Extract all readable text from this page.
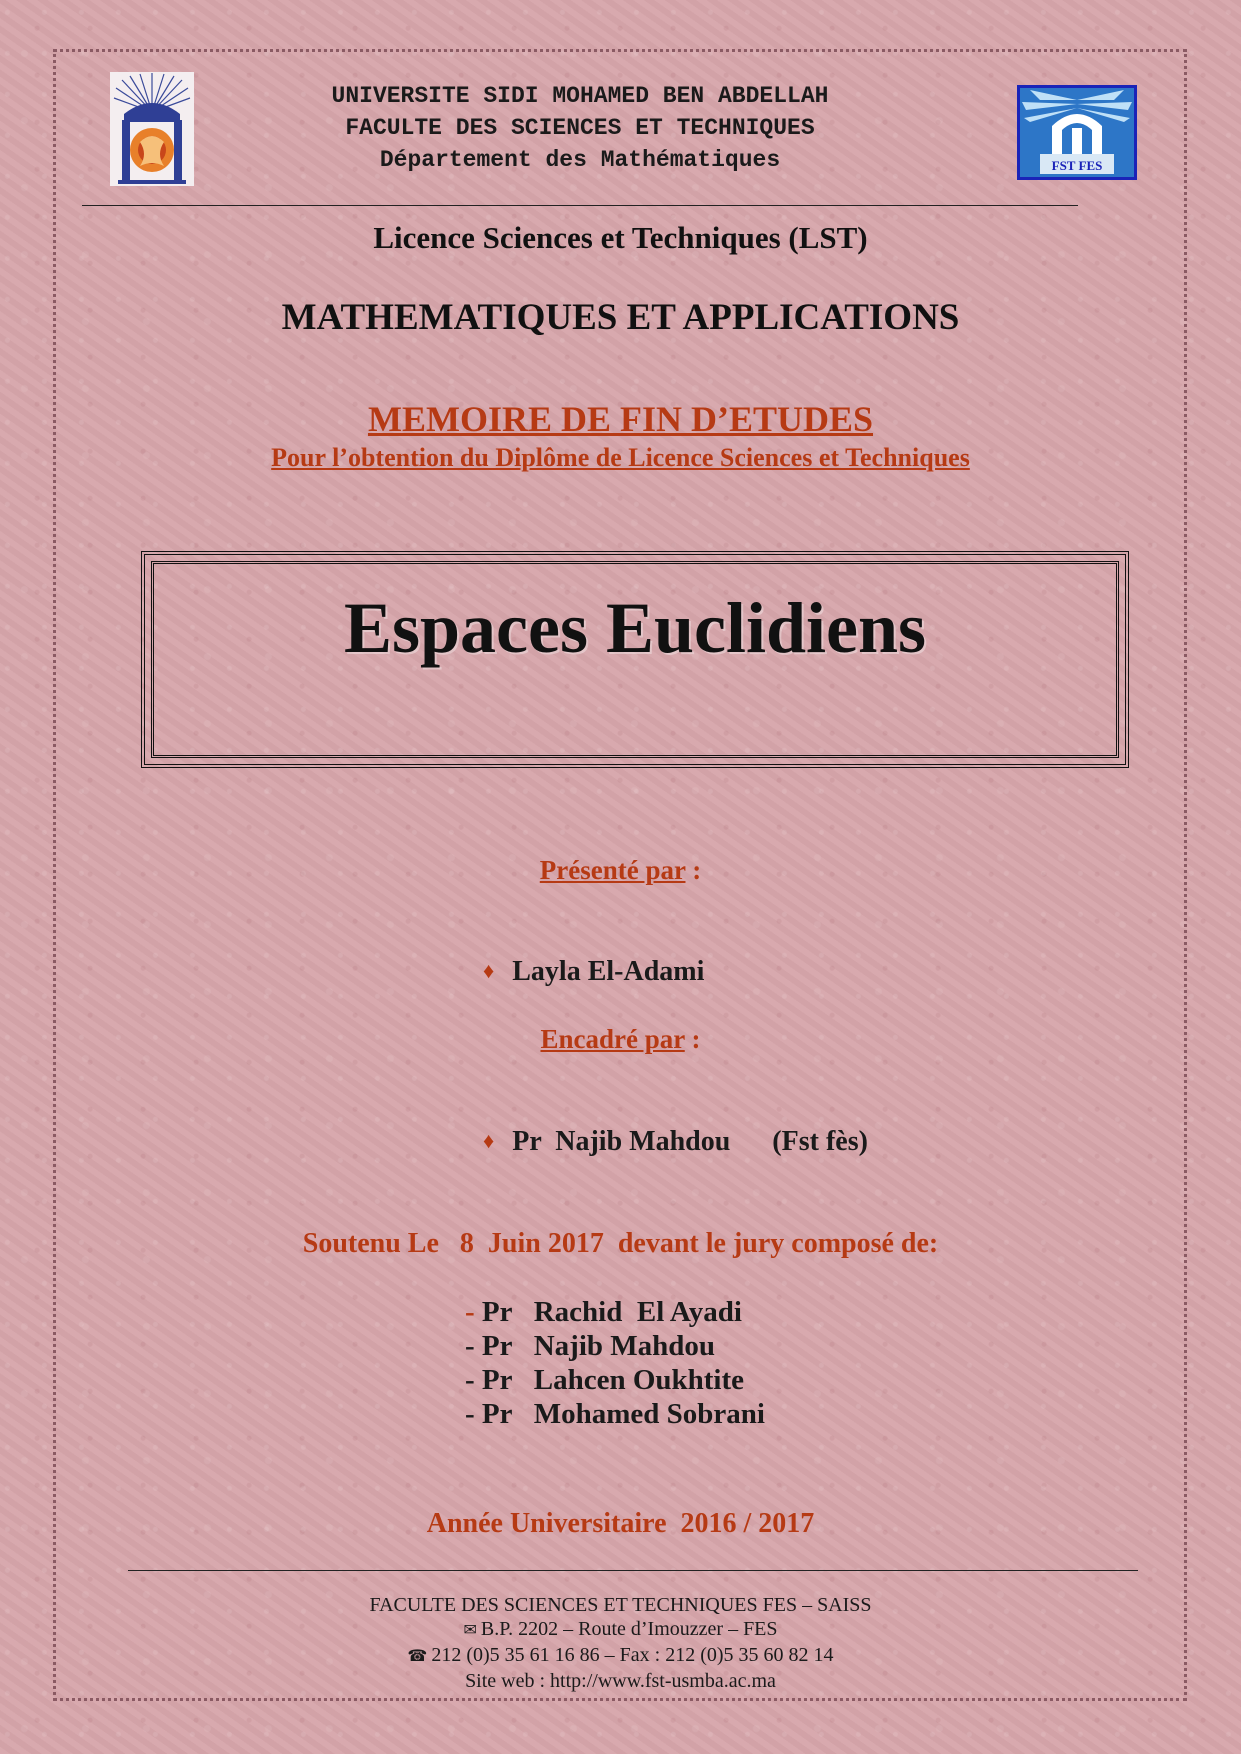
UNIVERSITE SIDI MOHAMED BEN ABDELLAH
FACULTE DES SCIENCES ET TECHNIQUES
Département des Mathématiques	FST FES
Licence Sciences et Techniques (LST)
MATHEMATIQUES ET APPLICATIONS
MEMOIRE DE FIN D’ETUDES
Pour l’obtention du Diplôme de Licence Sciences et Techniques
Espaces Euclidiens
Présenté par :

♦ Layla El-Adami

Encadré par :

♦ Pr  Najib Mahdou      (Fst fès)

Soutenu Le   8  Juin 2017  devant le jury composé de:
- Pr   Rachid  El Ayadi
- Pr   Najib Mahdou
- Pr   Lahcen Oukhtite
- Pr   Mohamed Sobrani
Année Universitaire  2016 / 2017
FACULTE DES SCIENCES ET TECHNIQUES FES – SAISS
✉ B.P. 2202 – Route d’Imouzzer – FES
☎ 212 (0)5 35 61 16 86 – Fax : 212 (0)5 35 60 82 14
Site web : http://www.fst-usmba.ac.ma
